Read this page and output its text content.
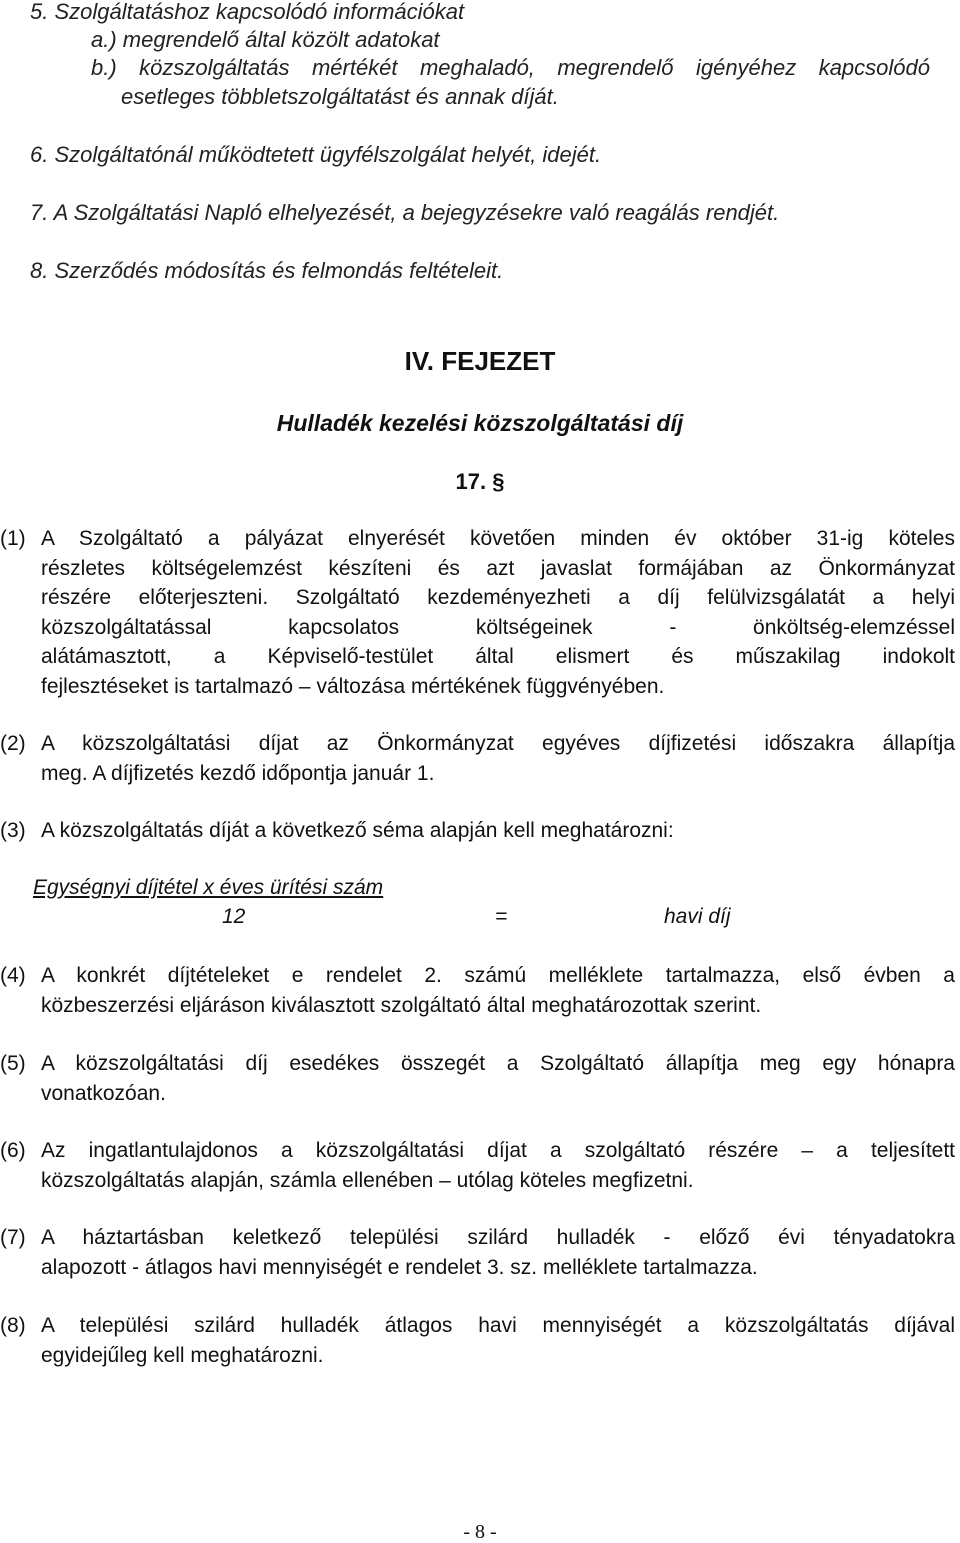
5. Szolgáltatáshoz kapcsolódó információkat
a.) megrendelő által közölt adatokat
b.) közszolgáltatás mértékét meghaladó, megrendelő igényéhez kapcsolódó
esetleges többletszolgáltatást és annak díját.
6. Szolgáltatónál működtetett ügyfélszolgálat helyét, idejét.
7. A Szolgáltatási Napló elhelyezését, a bejegyzésekre való reagálás rendjét.
8. Szerződés módosítás és felmondás feltételeit.
IV. FEJEZET
Hulladék kezelési közszolgáltatási díj
17. §
(1) A Szolgáltató a pályázat elnyerését követően minden év október 31-ig köteles
részletes költségelemzést készíteni és azt javaslat formájában az Önkormányzat
részére előterjeszteni. Szolgáltató kezdeményezheti a díj felülvizsgálatát a helyi
közszolgáltatással kapcsolatos költségeinek - önköltség-elemzéssel
alátámasztott, a Képviselő-testület által elismert és műszakilag indokolt
fejlesztéseket is tartalmazó – változása mértékének függvényében.
(2) A közszolgáltatási díjat az Önkormányzat egyéves díjfizetési időszakra állapítja
meg. A díjfizetés kezdő időpontja január 1.
(3) A közszolgáltatás díját a következő séma alapján kell meghatározni:
Egységnyi díjtétel x éves ürítési szám
12	=	havi díj
(4) A konkrét díjtételeket e rendelet 2. számú melléklete tartalmazza, első évben a
közbeszerzési eljáráson kiválasztott szolgáltató által meghatározottak szerint.
(5) A közszolgáltatási díj esedékes összegét a Szolgáltató állapítja meg egy hónapra
vonatkozóan.
(6) Az ingatlantulajdonos a közszolgáltatási díjat a szolgáltató részére – a teljesített
közszolgáltatás alapján, számla ellenében – utólag köteles megfizetni.
(7) A háztartásban keletkező települési szilárd hulladék - előző évi tényadatokra
alapozott - átlagos havi mennyiségét e rendelet 3. sz. melléklete tartalmazza.
(8) A települési szilárd hulladék átlagos havi mennyiségét a közszolgáltatás díjával
egyidejűleg kell meghatározni.
- 8 -
